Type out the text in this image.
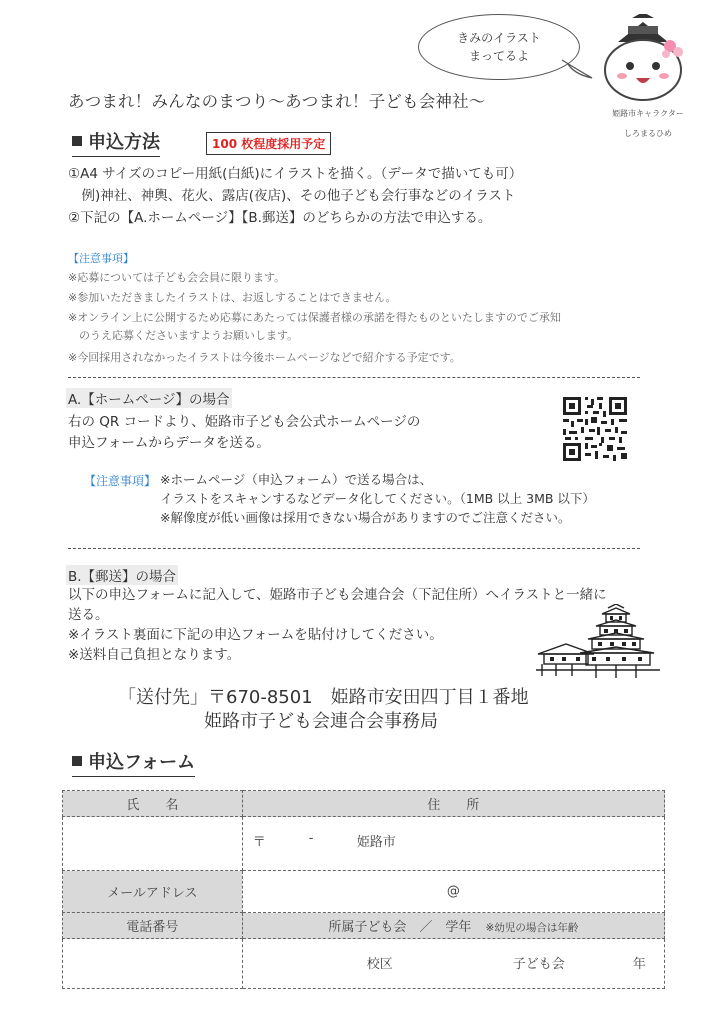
きみのイラスト
まってるよ
姫路市キャラクター
しろまるひめ
あつまれ！みんなのまつり〜あつまれ！子ども会神社〜
申込方法	100 枚程度採用予定
①A4 サイズのコピー用紙(白紙)にイラストを描く。（データで描いても可）
　例)神社、神輿、花火、露店(夜店)、その他子ども会行事などのイラスト
②下記の【A.ホームページ】【B.郵送】のどちらかの方法で申込する。
【注意事項】
※応募については子ども会会員に限ります。
※参加いただきましたイラストは、お返しすることはできません。
※オンライン上に公開するため応募にあたっては保護者様の承諾を得たものといたしますのでご承知
　のうえ応募くださいますようお願いします。
※今回採用されなかったイラストは今後ホームページなどで紹介する予定です。
A.【ホームページ】の場合
右の QR コードより、姫路市子ども会公式ホームページの
申込フォームからデータを送る。
【注意事項】 ※ホームページ（申込フォーム）で送る場合は、
イラストをスキャンするなどデータ化してください。（1MB 以上 3MB 以下）
※解像度が低い画像は採用できない場合がありますのでご注意ください。
B.【郵送】の場合
以下の申込フォームに記入して、姫路市子ども会連合会（下記住所）へイラストと一緒に
送る。
※イラスト裏面に下記の申込フォームを貼付けしてください。
※送料自己負担となります。
「送付先」〒670-8501　姫路市安田四丁目１番地
姫路市子ども会連合会事務局
申込フォーム
氏　　名	住　　所

	〒 - 姫路市

メールアドレス	@
電話番号	所属子ども会　／　学年 ※幼児の場合は年齢

	校区 子ども会 年
